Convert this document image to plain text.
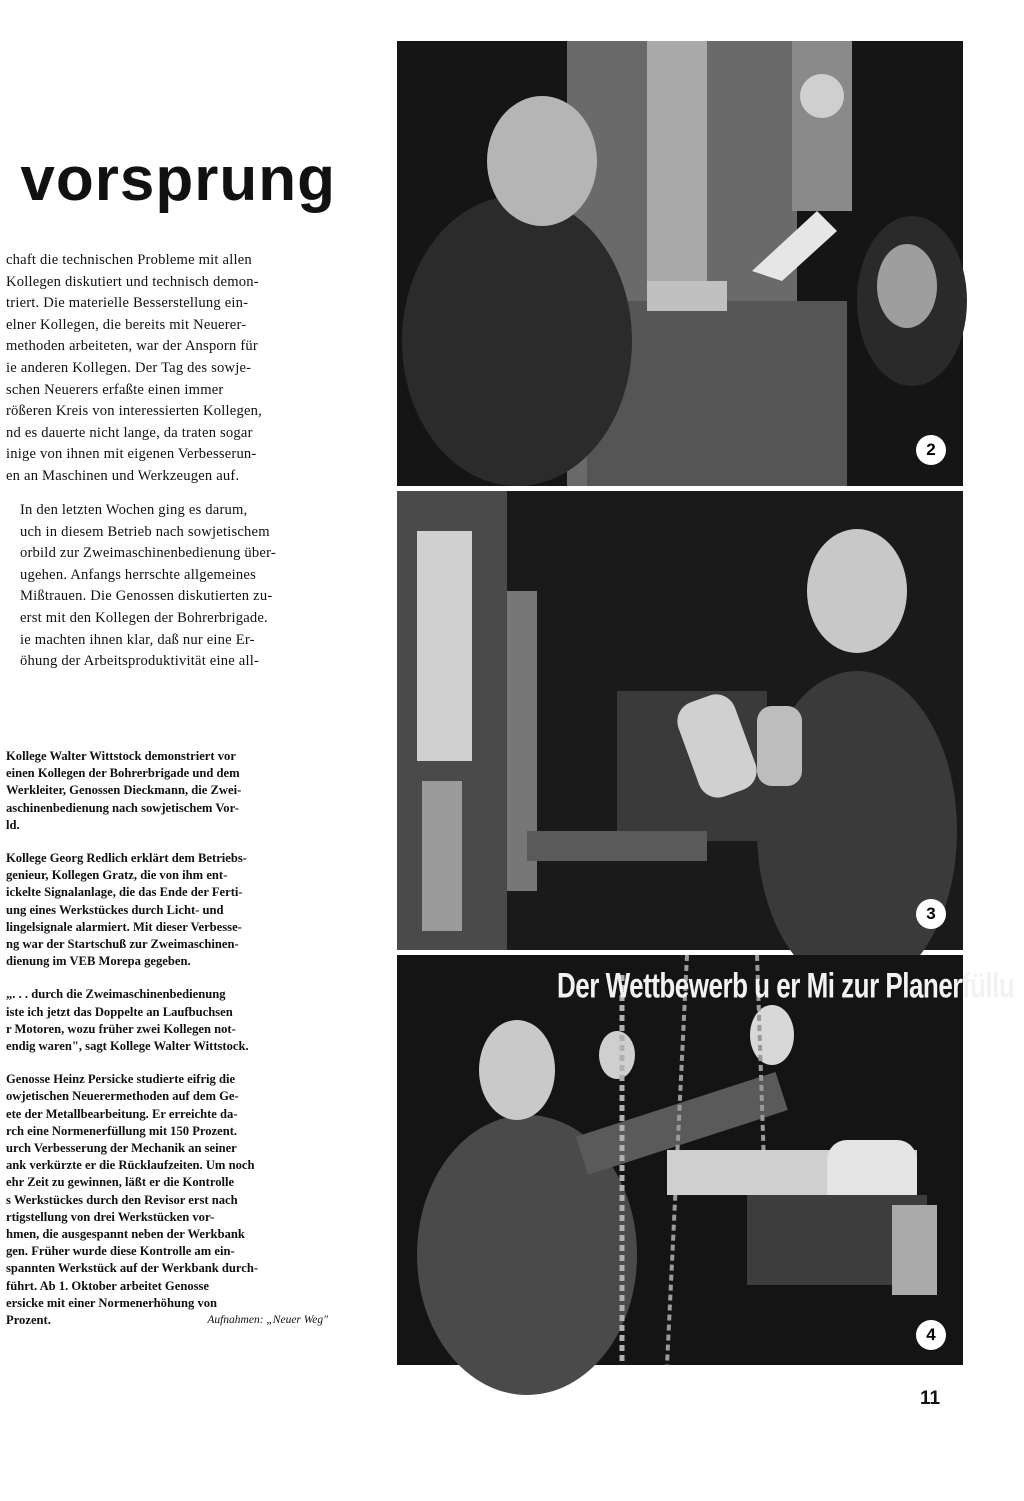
vorsprung

chaft die technischen Probleme mit allen

Kollegen diskutiert und technisch demon-

triert. Die materielle Besserstellung ein-

elner Kollegen, die bereits mit Neuerer-

methoden arbeiteten, war der Ansporn für

ie anderen Kollegen. Der Tag des sowje-

schen Neuerers erfaßte einen immer

rößeren Kreis von interessierten Kollegen,

nd es dauerte nicht lange, da traten sogar

inige von ihnen mit eigenen Verbesserun-

en an Maschinen und Werkzeugen auf.

In den letzten Wochen ging es darum,

uch in diesem Betrieb nach sowjetischem

orbild zur Zweimaschinenbedienung über-

ugehen. Anfangs herrschte allgemeines

Mißtrauen. Die Genossen diskutierten zu-

erst mit den Kollegen der Bohrerbrigade.

ie machten ihnen klar, daß nur eine Er-

öhung der Arbeitsproduktivität eine all-

Kollege Walter Wittstock demonstriert vor
einen Kollegen der Bohrerbrigade und dem
Werkleiter, Genossen Dieckmann, die Zwei-
aschinenbedienung nach sowjetischem Vor-
ld.
Kollege Georg Redlich erklärt dem Betriebs-
genieur, Kollegen Gratz, die von ihm ent-
ickelte Signalanlage, die das Ende der Ferti-
ung eines Werkstückes durch Licht- und
lingelsignale alarmiert. Mit dieser Verbesse-
ng war der Startschuß zur Zweimaschinen-
dienung im VEB Morepa gegeben.
„. . . durch die Zweimaschinenbedienung
iste ich jetzt das Doppelte an Laufbuchsen
r Motoren, wozu früher zwei Kollegen not-
endig waren", sagt Kollege Walter Wittstock.
Genosse Heinz Persicke studierte eifrig die
owjetischen Neuerermethoden auf dem Ge-
ete der Metallbearbeitung. Er erreichte da-
rch eine Normenerfüllung mit 150 Prozent.
urch Verbesserung der Mechanik an seiner
ank verkürzte er die Rücklaufzeiten. Um noch
ehr Zeit zu gewinnen, läßt er die Kontrolle
s Werkstückes durch den Revisor erst nach
rtigstellung von drei Werkstücken vor-
hmen, die ausgespannt neben der Werkbank
gen. Früher wurde diese Kontrolle am ein-
spannten Werkstück auf der Werkbank durch-
führt. Ab 1. Oktober arbeitet Genosse
ersicke mit einer Normenerhöhung von
Prozent.	Aufnahmen: „Neuer Weg"
2
3
Der Wettbewerb u er Mi zur Planerfüllu
4
11
